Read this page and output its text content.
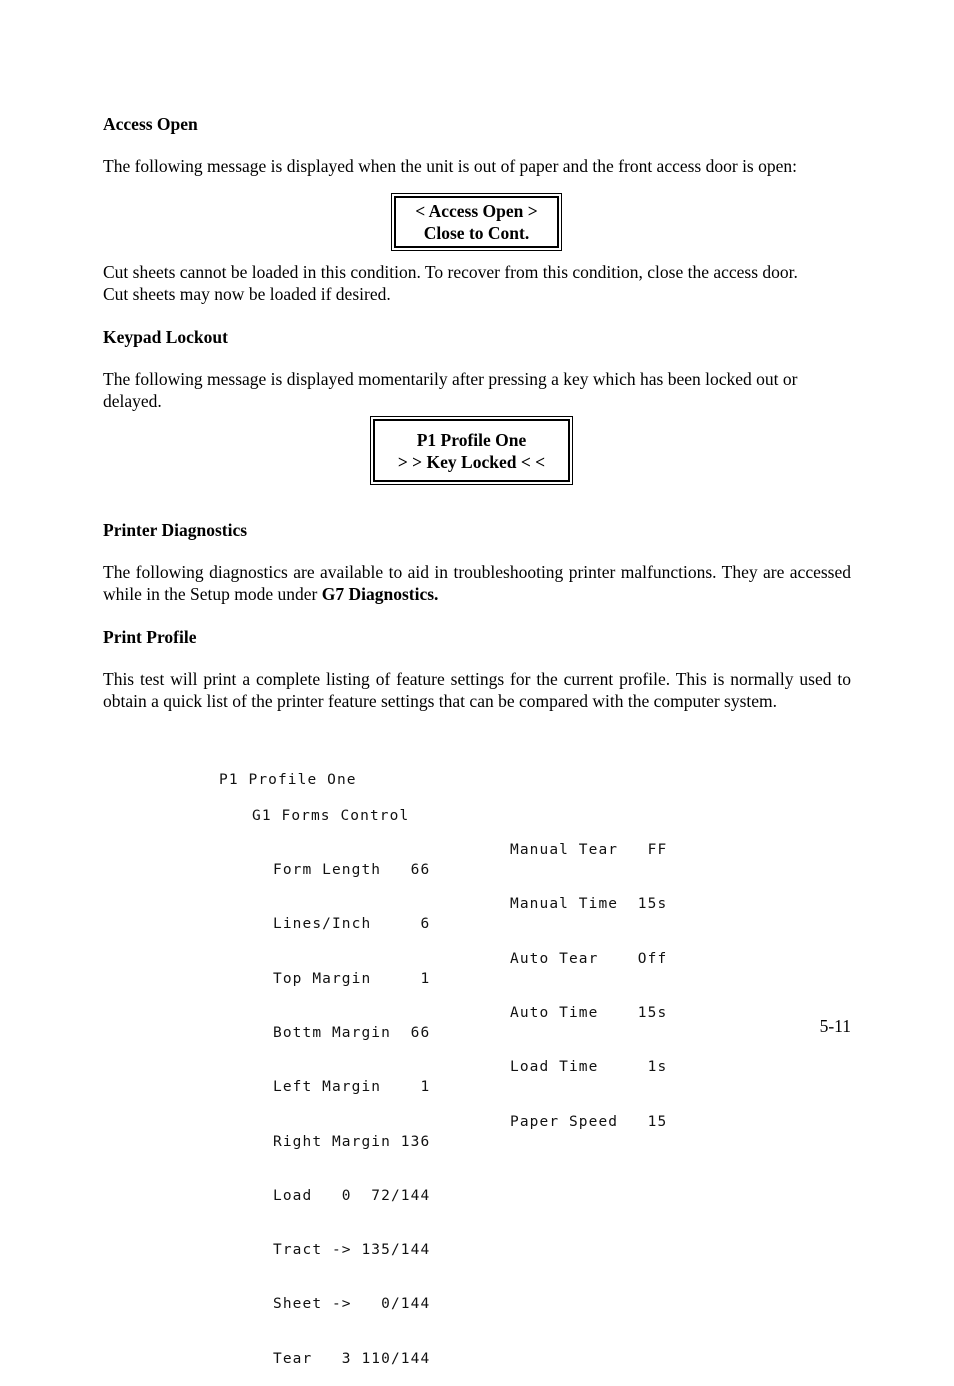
Access Open
The following message is displayed when the unit is out of paper and the front access door is open:
< Access Open >
Close to Cont.
Cut sheets cannot be loaded in this condition. To recover from this condition, close the access door.
Cut sheets may now be loaded if desired.
Keypad Lockout
The following message is displayed momentarily after pressing a key which has been locked out or delayed.
P1 Profile One
> > Key Locked < <
Printer Diagnostics
The following diagnostics are available to aid in troubleshooting printer malfunctions. They are accessed while in the Setup mode under G7 Diagnostics.
Print Profile
This test will print a complete listing of feature settings for the current profile. This is normally used to obtain a quick list of the printer feature settings that can be compared with the computer system.
P1 Profile One
G1 Forms Control

Form Length   66

Lines/Inch     6

Top Margin     1

Bottm Margin  66

Left Margin    1

Right Margin 136

Load   0  72/144

Tract -> 135/144

Sheet ->   0/144

Tear   3 110/144

Manual Tear   FF

Manual Time  15s

Auto Tear    Off

Auto Time    15s

Load Time     1s

Paper Speed   15

5-11
